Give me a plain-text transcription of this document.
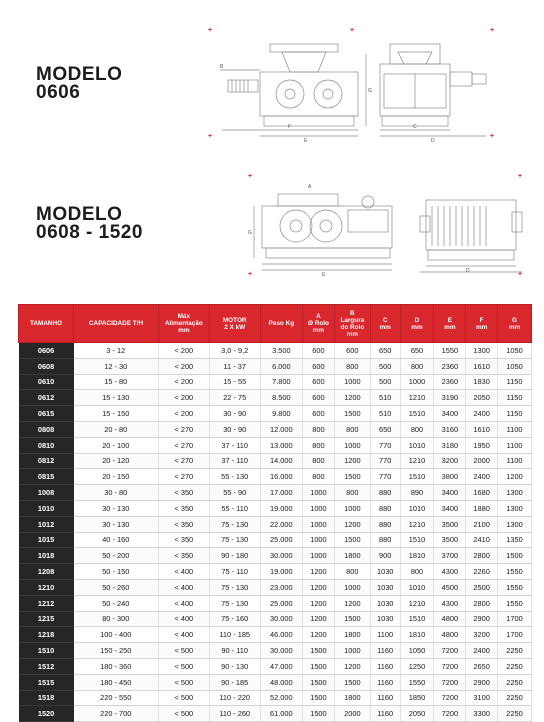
MODELO
0606
MODELO
0608 - 1520
B
F
E
G
C
D
+	+
+	+
+
A
G
E
D
+	+
+	+
TAMANHO	CAPACIDADE T/H	Máx
Alimentação
mm	MOTOR
2 X kW	Peso Kg	A
Ø Rolo
mm	B
Largura
do Rolo
mm	C
mm	D
mm	E
mm	F
mm	G
mm
0606	3 - 12	< 200	3,0 - 9,2	3.500	600	600	650	650	1550	1300	1050
0608	12 - 30	< 200	11 - 37	6.000	600	800	500	800	2360	1610	1050
0610	15 - 80	< 200	15 - 55	7.800	600	1000	500	1000	2360	1830	1150
0612	15 - 130	< 200	22 - 75	8.500	600	1200	510	1210	3190	2050	1150
0615	15 - 150	< 200	30 - 90	9.800	600	1500	510	1510	3400	2400	1150
0808	20 - 80	< 270	30 - 90	12.000	800	800	650	800	3160	1610	1100
0810	20 - 100	< 270	37 - 110	13.000	800	1000	770	1010	3180	1950	1100
0812	20 - 120	< 270	37 - 110	14.000	800	1200	770	1210	3200	2000	1100
0815	20 - 150	< 270	55 - 130	16.000	800	1500	770	1510	3800	2400	1200
1008	30 - 80	< 350	55 - 90	17.000	1000	800	880	890	3400	1680	1300
1010	30 - 130	< 350	55 - 110	19.000	1000	1000	880	1010	3400	1880	1300
1012	30 - 130	< 350	75 - 130	22.000	1000	1200	880	1210	3500	2100	1300
1015	40 - 160	< 350	75 - 130	25.000	1000	1500	880	1510	3500	2410	1350
1018	50 - 200	< 350	90 - 180	30.000	1000	1800	900	1810	3700	2800	1500
1208	50 - 150	< 400	75 - 110	19.000	1200	800	1030	800	4300	2260	1550
1210	50 - 260	< 400	75 - 130	23.000	1200	1000	1030	1010	4500	2500	1550
1212	50 - 240	< 400	75 - 130	25.000	1200	1200	1030	1210	4300	2800	1550
1215	80 - 300	< 400	75 - 160	30.000	1200	1500	1030	1510	4800	2900	1700
1218	100 - 400	< 400	110 - 185	46.000	1200	1800	1100	1810	4800	3200	1700
1510	150 - 250	< 500	90 - 110	30.000	1500	1000	1160	1050	7200	2400	2250
1512	180 - 360	< 500	90 - 130	47.000	1500	1200	1160	1250	7200	2650	2250
1515	180 - 450	< 500	90 - 185	48.000	1500	1500	1160	1550	7200	2900	2250
1518	220 - 550	< 500	110 - 220	52.000	1500	1800	1160	1850	7200	3100	2250
1520	220 - 700	< 500	110 - 260	61.000	1500	2000	1160	2050	7200	3300	2250
